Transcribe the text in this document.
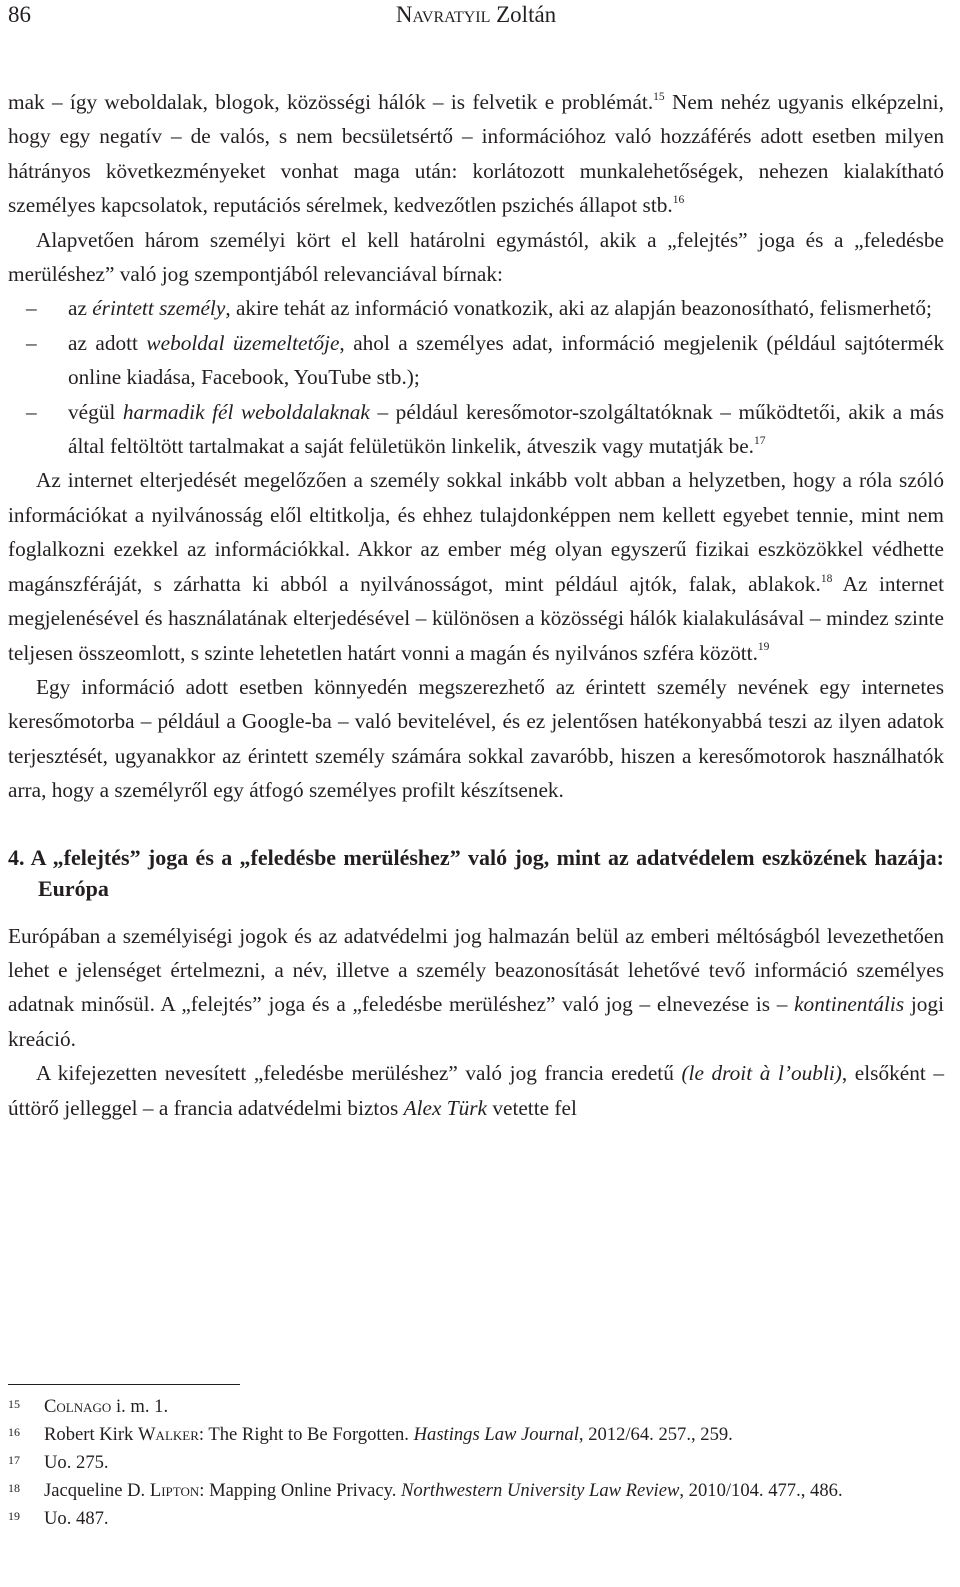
86	Navratyil Zoltán

mak – így weboldalak, blogok, közösségi hálók – is felvetik e problémát.$^{15}$ Nem nehéz ugyanis elképzelni, hogy egy negatív – de valós, s nem becsületsértő – információhoz való hozzáférés adott esetben milyen hátrányos következményeket vonhat maga után: korlátozott munkalehetőségek, nehezen kialakítható személyes kapcsolatok, reputációs sérelmek, kedvezőtlen pszichés állapot stb.$^{16}$

Alapvetően három személyi kört el kell határolni egymástól, akik a „felejtés” joga és a „feledésbe merüléshez” való jog szempontjából relevanciával bírnak:

– az érintett személy, akire tehát az információ vonatkozik, aki az alapján beazonosítható, felismerhető;
– az adott weboldal üzemeltetője, ahol a személyes adat, információ megjelenik (például sajtótermék online kiadása, Facebook, YouTube stb.);
– végül harmadik fél weboldalaknak – például keresőmotor-szolgáltatóknak – működtetői, akik a más által feltöltött tartalmakat a saját felületükön linkelik, átveszik vagy mutatják be.$^{17}$

Az internet elterjedését megelőzően a személy sokkal inkább volt abban a helyzetben, hogy a róla szóló információkat a nyilvánosság elől eltitkolja, és ehhez tulajdonképpen nem kellett egyebet tennie, mint nem foglalkozni ezekkel az információkkal. Akkor az ember még olyan egyszerű fizikai eszközökkel védhette magánszféráját, s zárhatta ki abból a nyilvánosságot, mint például ajtók, falak, ablakok.$^{18}$ Az internet megjelenésével és használatának elterjedésével – különösen a közösségi hálók kialakulásával – mindez szinte teljesen összeomlott, s szinte lehetetlen határt vonni a magán és nyilvános szféra között.$^{19}$

Egy információ adott esetben könnyedén megszerezhető az érintett személy nevének egy internetes keresőmotorba – például a Google-ba – való bevitelével, és ez jelentősen hatékonyabbá teszi az ilyen adatok terjesztését, ugyanakkor az érintett személy számára sokkal zavaróbb, hiszen a keresőmotorok használhatók arra, hogy a személyről egy átfogó személyes profilt készítsenek.

4. A „felejtés” joga és a „feledésbe merüléshez” való jog, mint az adatvédelem eszközének hazája: Európa

Európában a személyiségi jogok és az adatvédelmi jog halmazán belül az emberi méltóságból levezethetően lehet e jelenséget értelmezni, a név, illetve a személy beazonosítását lehetővé tevő információ személyes adatnak minősül. A „felejtés” joga és a „feledésbe merüléshez” való jog – elnevezése is – kontinentális jogi kreáció.

A kifejezetten nevesített „feledésbe merüléshez” való jog francia eredetű (le droit à l’oubli), elsőként – úttörő jelleggel – a francia adatvédelmi biztos Alex Türk vetette fel

15 Colnago i. m. 1.

16 Robert Kirk Walker: The Right to Be Forgotten. Hastings Law Journal, 2012/64. 257., 259.

17 Uo. 275.

18 Jacqueline D. Lipton: Mapping Online Privacy. Northwestern University Law Review, 2010/104. 477., 486.

19 Uo. 487.
